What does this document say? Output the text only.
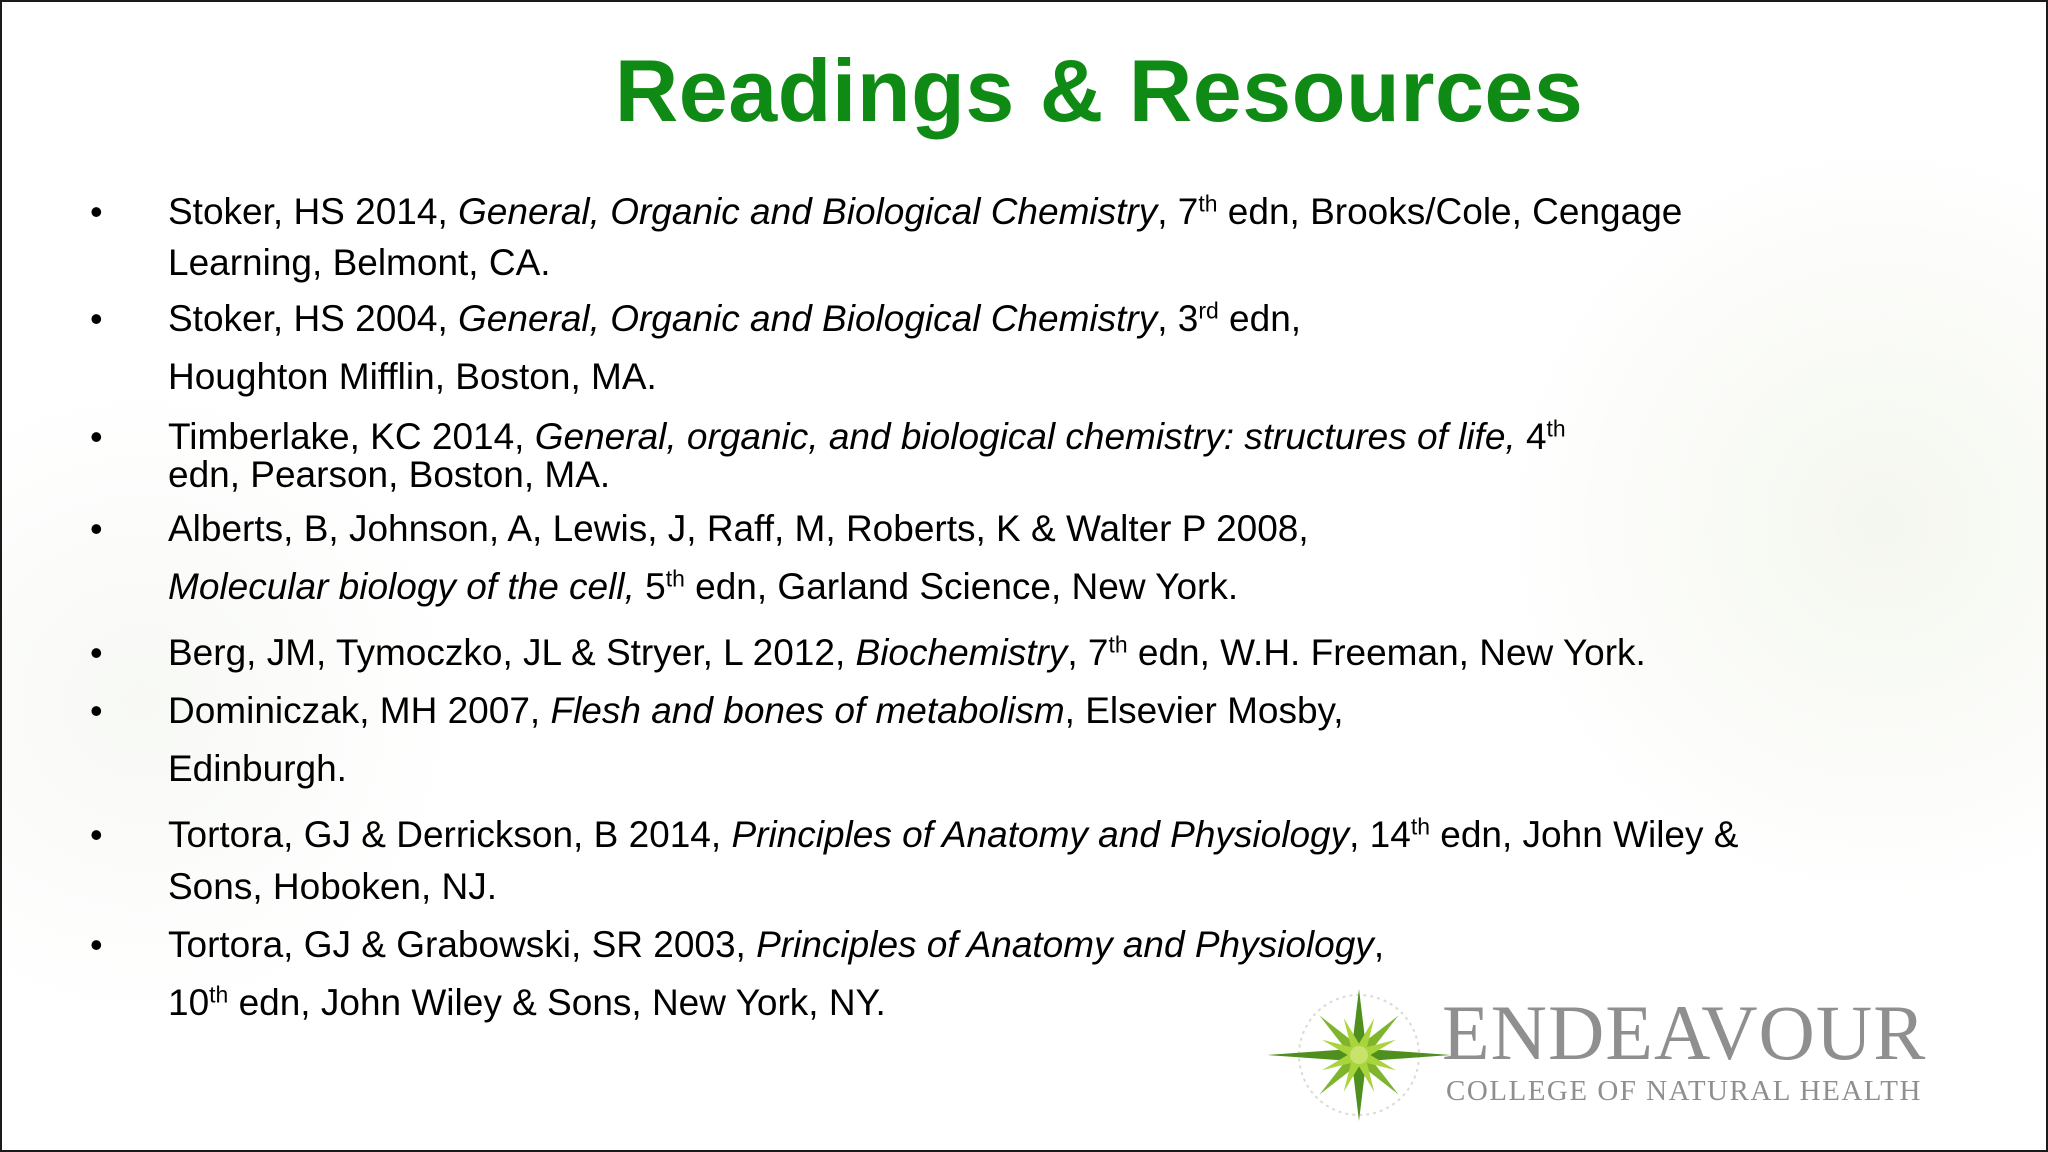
Readings & Resources
• Stoker, HS 2014, General, Organic and Biological Chemistry, 7th edn, Brooks/Cole, Cengage
Learning, Belmont, CA.
• Stoker, HS 2004, General, Organic and Biological Chemistry, 3rd edn,
Houghton Mifflin, Boston, MA.
• Timberlake, KC 2014, General, organic, and biological chemistry: structures of life, 4th
edn, Pearson, Boston, MA.
• Alberts, B, Johnson, A, Lewis, J, Raff, M, Roberts, K & Walter P 2008,
Molecular biology of the cell, 5th edn, Garland Science, New York.
• Berg, JM, Tymoczko, JL & Stryer, L 2012, Biochemistry, 7th edn, W.H. Freeman, New York.
• Dominiczak, MH 2007, Flesh and bones of metabolism, Elsevier Mosby,
Edinburgh.
• Tortora, GJ & Derrickson, B 2014, Principles of Anatomy and Physiology, 14th edn, John Wiley &
Sons, Hoboken, NJ.
• Tortora, GJ & Grabowski, SR 2003, Principles of Anatomy and Physiology,
10th edn, John Wiley & Sons, New York, NY.	ENDEAVOUR
COLLEGE OF NATURAL HEALTH
